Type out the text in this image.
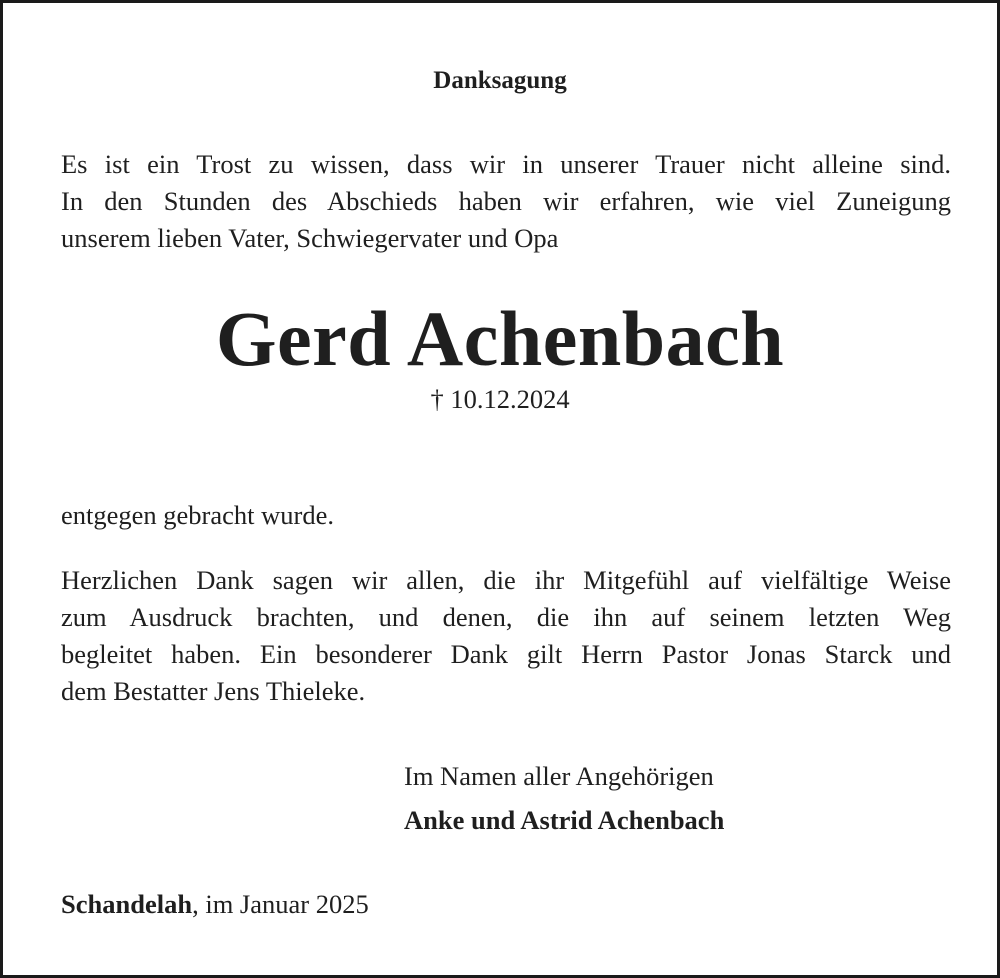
Danksagung
Es ist ein Trost zu wissen, dass wir in unserer Trauer nicht alleine sind.
In den Stunden des Abschieds haben wir erfahren, wie viel Zuneigung
unserem lieben Vater, Schwiegervater und Opa
Gerd Achenbach
† 10.12.2024
entgegen gebracht wurde.
Herzlichen Dank sagen wir allen, die ihr Mitgefühl auf vielfältige Weise
zum Ausdruck brachten, und denen, die ihn auf seinem letzten Weg
begleitet haben. Ein besonderer Dank gilt Herrn Pastor Jonas Starck und
dem Bestatter Jens Thieleke.
Im Namen aller Angehörigen
Anke und Astrid Achenbach
Schandelah, im Januar 2025
